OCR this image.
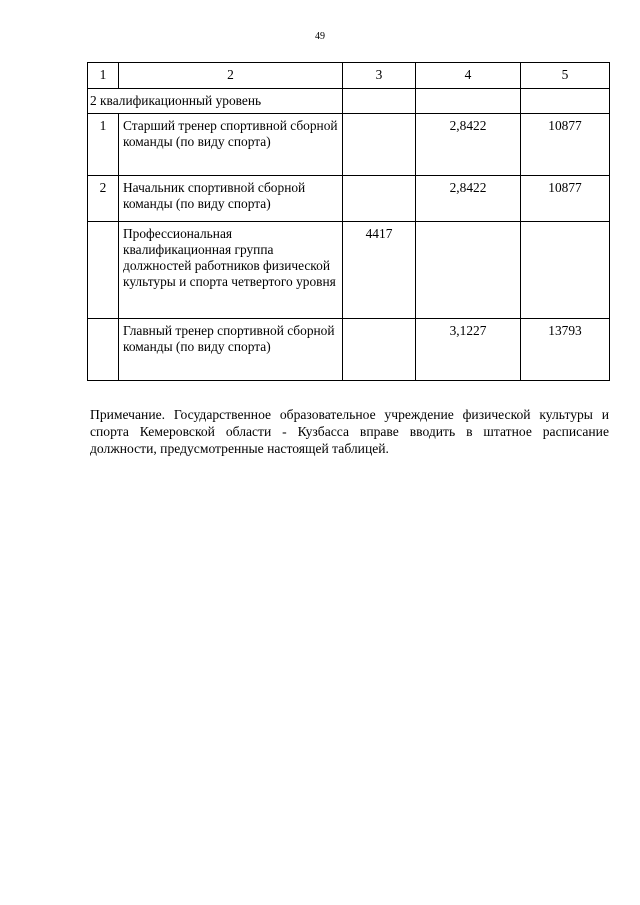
49
1	2	3	4	5
2 квалификационный уровень				
1	Старший тренер спортивной сборной команды (по виду спорта)		2,8422	10877
2	Начальник спортивной сборной команды (по виду спорта)		2,8422	10877
	Профессиональная квалификационная группа должностей работников физической культуры и спорта четвертого уровня	4417		
	Главный тренер спортивной сборной команды (по виду спорта)		3,1227	13793
Примечание. Государственное образовательное учреждение физической культуры и спорта Кемеровской области - Кузбасса вправе вводить в штатное расписание должности, предусмотренные настоящей таблицей.
